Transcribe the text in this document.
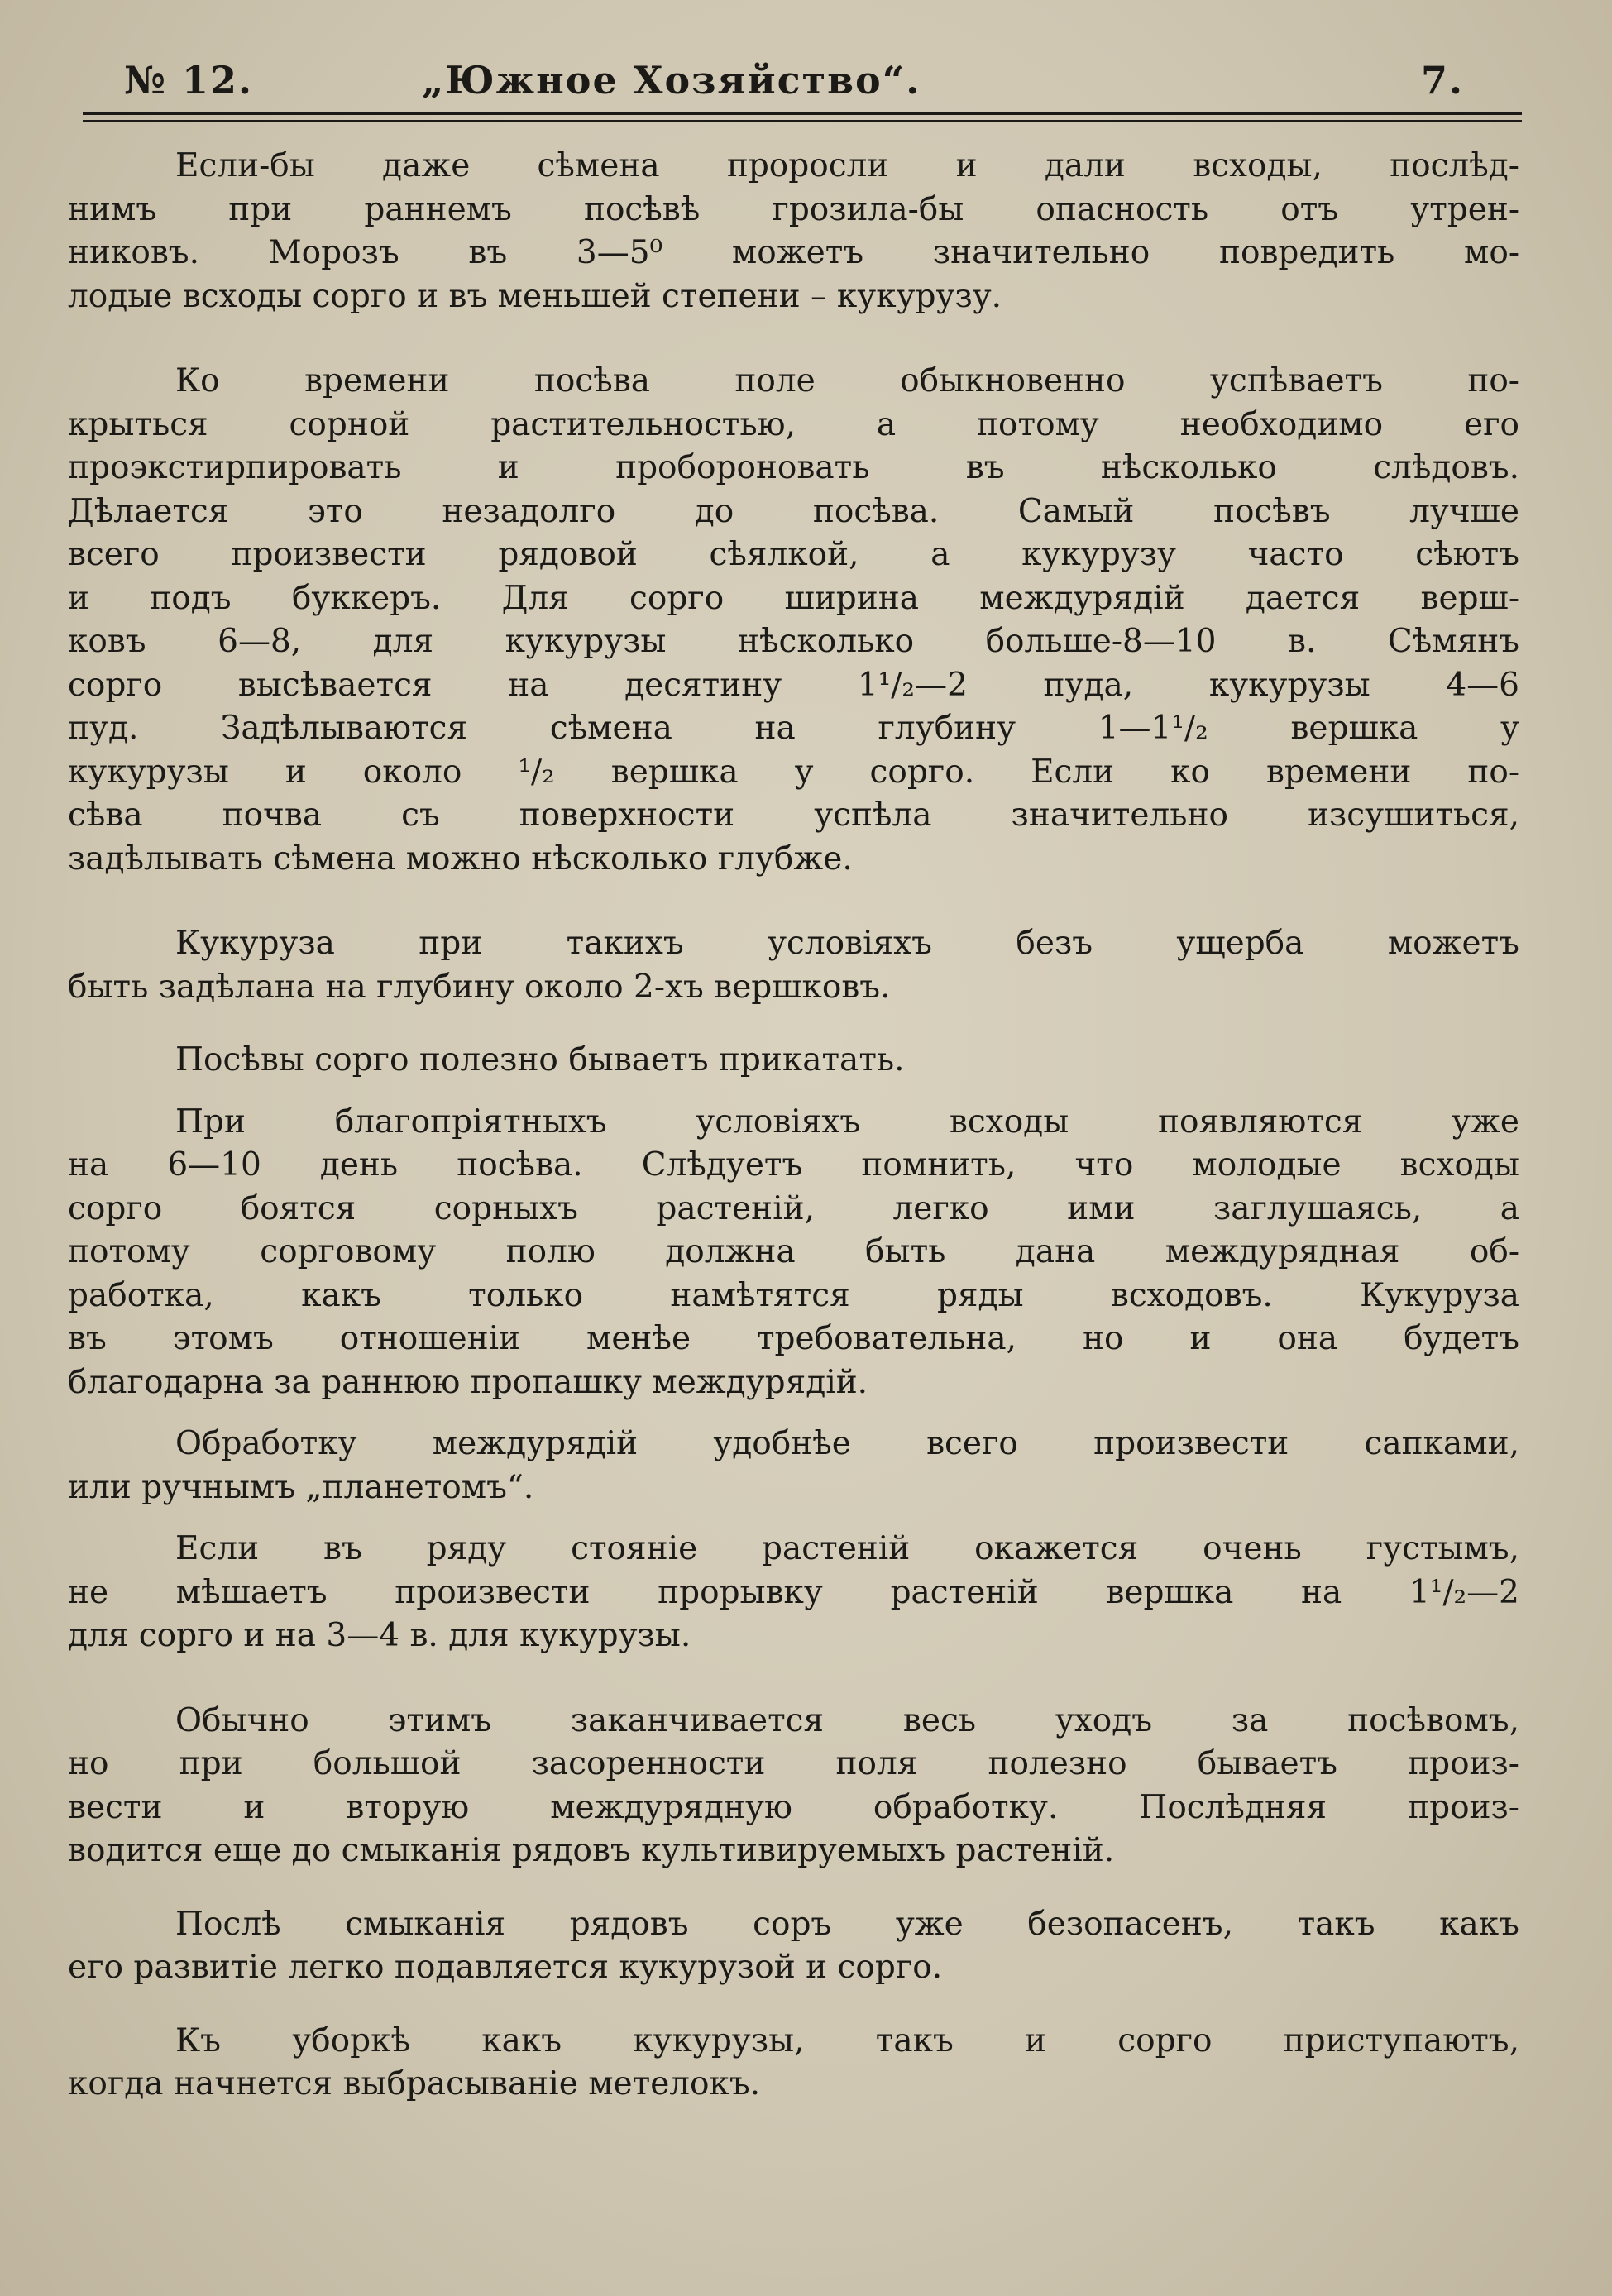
№ 12.	„Южное Хозяйство“.	7.
Если-бы даже сѣмена проросли и дали всходы, послѣд-
нимъ при раннемъ посѣвѣ грозила-бы опасность отъ утрен-
никовъ. Морозъ въ 3—5⁰ можетъ значительно повредить мо-
лодые всходы сорго и въ меньшей степени – кукурузу.
Ко времени посѣва поле обыкновенно успѣваетъ по-
крыться сорной растительностью, а потому необходимо его
проэкстирпировать и пробороновать въ нѣсколько слѣдовъ.
Дѣлается это незадолго до посѣва. Самый посѣвъ лучше
всего произвести рядовой сѣялкой, а кукурузу часто сѣютъ
и подъ буккеръ. Для сорго ширина междурядій дается верш-
ковъ 6—8, для кукурузы нѣсколько больше-8—10 в. Сѣмянъ
сорго высѣвается на десятину 1¹/₂—2 пуда, кукурузы 4—6
пуд. Задѣлываются сѣмена на глубину 1—1¹/₂ вершка у
кукурузы и около ¹/₂ вершка у сорго. Если ко времени по-
сѣва почва съ поверхности успѣла значительно изсушиться,
задѣлывать сѣмена можно нѣсколько глубже.
Кукуруза при такихъ условіяхъ безъ ущерба можетъ
быть задѣлана на глубину около 2-хъ вершковъ.
Посѣвы сорго полезно бываетъ прикатать.
При благопріятныхъ условіяхъ всходы появляются уже
на 6—10 день посѣва. Слѣдуетъ помнить, что молодые всходы
сорго боятся сорныхъ растеній, легко ими заглушаясь, а
потому сорговому полю должна быть дана междурядная об-
работка, какъ только намѣтятся ряды всходовъ. Кукуруза
въ этомъ отношеніи менѣе требовательна, но и она будетъ
благодарна за раннюю пропашку междурядій.
Обработку междурядій удобнѣе всего произвести сапками,
или ручнымъ „планетомъ“.
Если въ ряду стояніе растеній окажется очень густымъ,
не мѣшаетъ произвести прорывку растеній вершка на 1¹/₂—2
для сорго и на 3—4 в. для кукурузы.
Обычно этимъ заканчивается весь уходъ за посѣвомъ,
но при большой засоренности поля полезно бываетъ произ-
вести и вторую междурядную обработку. Послѣдняя произ-
водится еще до смыканія рядовъ культивируемыхъ растеній.
Послѣ смыканія рядовъ соръ уже безопасенъ, такъ какъ
его развитіе легко подавляется кукурузой и сорго.
Къ уборкѣ какъ кукурузы, такъ и сорго приступаютъ,
когда начнется выбрасываніе метелокъ.
